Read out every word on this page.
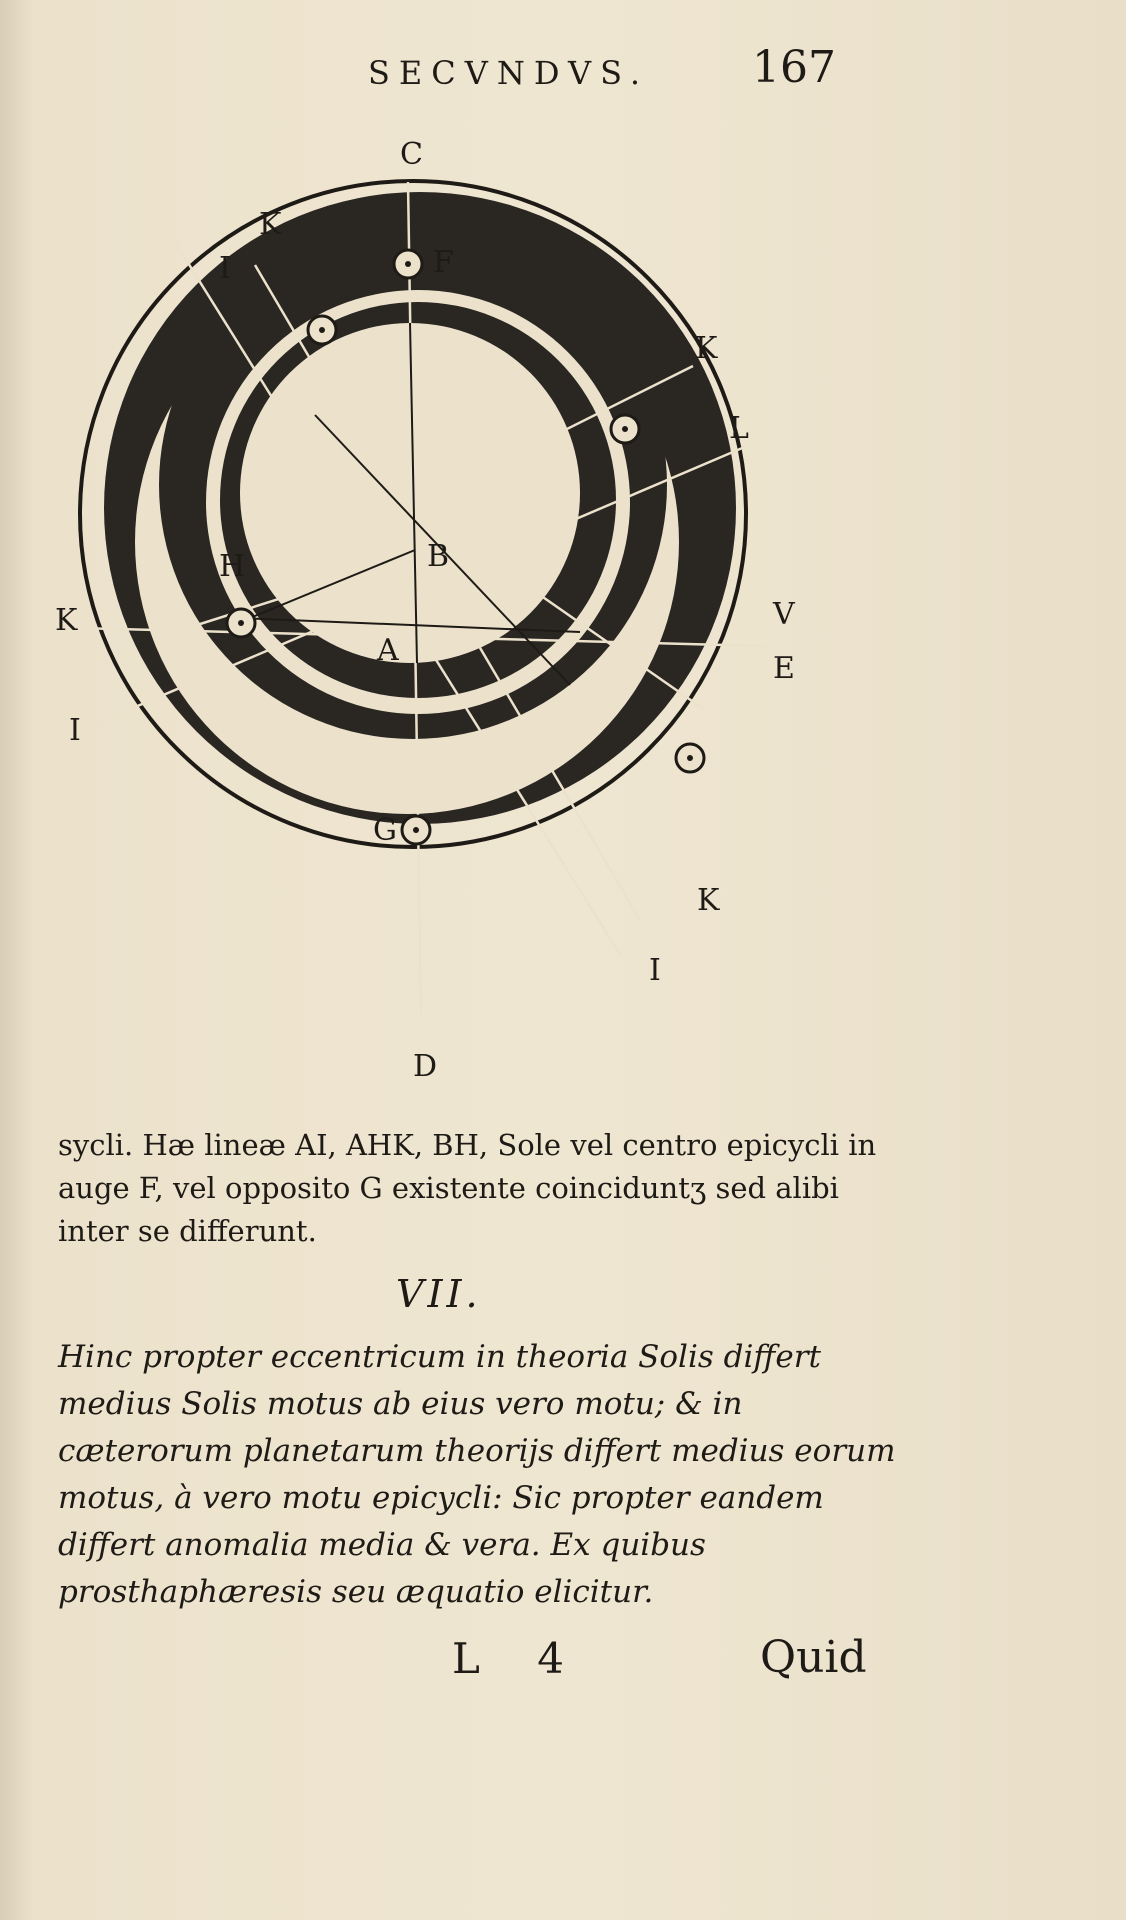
SECVNDVS.	167
C
F
K
I
K
L
H	B
K
A
V
E
I
G
K
I
D
sycli. Hæ lineæ AI, AHK, BH, Sole vel centro epicycli in auge F, vel opposito G existente coinciduntʒ sed alibi inter se differunt.
VII.
Hinc propter eccentricum in theoria Solis differt medius Solis motus ab eius vero motu; & in cæterorum planetarum theorijs differt medius eorum motus, à vero motu epicycli: Sic propter eandem differt anomalia media & vera. Ex quibus prosthaphæresis seu æquatio elicitur.
L 4	Quid
